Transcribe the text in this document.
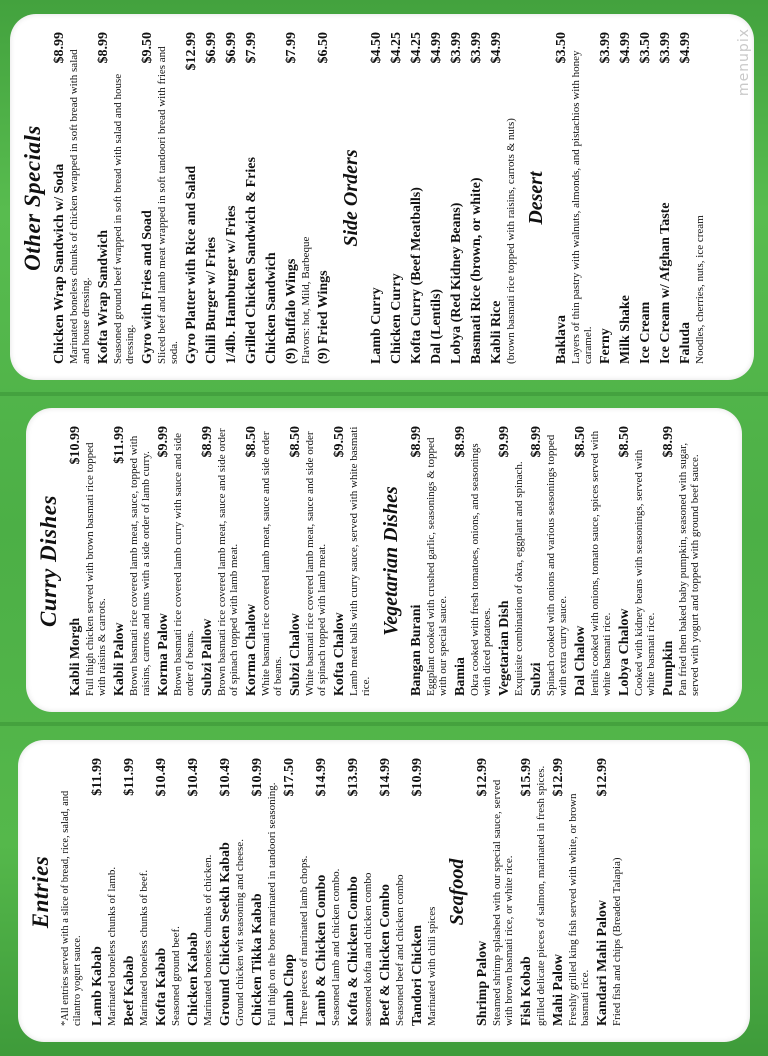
Entries *All entries served with a slice of bread, rice, salad, and cilantro yogurt sauce. Lamb Kabab
$11.99
Marinated boneless chunks of lamb. Beef Kabab
$11.99
Marinated boneless chunks of beef. Kofta Kabab
$10.49
Seasoned ground beef. Chicken Kabab
$10.49
Marinated boneless chunks of chicken. Ground Chicken Seekh Kabab
$10.49
Ground chicken wit seasoning and cheese. Chicken Tikka Kabab
$10.99
Full thigh on the bone marinated in tandoori seasoning. Lamb Chop
$17.50
Three pieces of marinated lamb chops. Lamb & Chicken Combo
$14.99
Seasoned lamb and chicken combo. Kofta & Chicken Combo
$13.99
seasoned kofta and chicken combo Beef & Chicken Combo
$14.99
Seasoned beef and chicken combo Tandori Chicken
$10.99
Marinated with chili spices
Seafood
Shrimp Palow
$12.99
Steamed shrimp splashed with our special sauce, served with brown basmati rice, or white rice. Fish Kobab
$15.99 grilled delicate pieces of salmon, marinated in fresh spices. Mahi Palow
$12.99
Freshly grilled king fish served with white, or brown basmati rice. Kandari Mahi Palow
$12.99
Fried fish and chips (Breaded Talapia)
Curry Dishes
Kabli Morgh
$10.99 Full thigh chicken served with brown basmati rice topped with raisins & carrots. Kabli Palow
$11.99 Brown basmati rice covered lamb meat, sauce, topped with raisins, carrots and nuts with a side order of lamb curry. Korma Palow
$9.99 Brown basmati rice covered lamb curry with sauce and side order of beans. Subzi Pallow
$8.99 Brown basmati rice covered lamb meat, sauce and side order of spinach topped with lamb meat. Korma Chalow
$8.50 White basmati rice covered lamb meat, sauce and side order of beans. Subzi Chalow
$8.50 White basmati rice covered lamb meat, sauce and side order of spinach topped with lamb meat. Kofta Chalow
$9.50 Lamb meat balls with curry sauce, served with white basmati rice.
Vegetarian Dishes
Bangan Burani
$8.99 Eggplant cooked with crushed garlic, seasonings & topped with our special sauce. Bamia
$8.99
Okra cooked with fresh tomatoes, onions, and seasonings with diced potatoes. Vegetarian Dish
$9.99
Exquisite combination of okra, eggplant and spinach. Subzi
$8.99 Spinach cooked with onions and various seasonings topped with extra curry sauce. Dal Chalow
$8.50 lentils cooked with onions, tomato sauce, spices served with white basmati rice. Lobya Chalow
$8.50
Cooked with kidney beans with seasonings, served with white basmati rice. Pumpkin
$8.99
Pan fried then baked baby pumpkin, seasoned with sugar, served with yogurt and topped with ground beef sauce.
Other Specials Chicken Wrap Sandwich w/ Soda
$8.99
Marinated boneless chunks of chicken wrapped in soft bread with salad and house dressing. Kofta Wrap Sandwich
$8.99
Seasoned ground beef wrapped in soft bread with salad and house dressing. Gyro with Fries and Soad
$9.50 Sliced beef and lamb meat wrapped in soft tandoori bread with fries and soda. Gyro Platter with Rice and Salad
$12.99
Chili Burger w/ Fries
$6.99
1/4lb. Hamburger w/ Fries
$6.99
Grilled Chicken Sandwich & Fries
$7.99
Chicken Sandwich (9) Buffalo Wings
$7.99
Flavors: hot, Mild, Barbeque (9) Fried Wings
$6.50
Side Orders
Lamb Curry
$4.50
Chicken Curry
$4.25
Kofta Curry (Beef Meatballs)
$4.25
Dal (Lentils)
$4.99
Lobya (Red Kidney Beans)
$3.99
Basmati Rice (brown, or white)
$3.99
Kabli Rice
$4.99
(brown basmati rice topped with raisins, carrots & nuts) Desert
Baklava
$3.50
Layers of thin pastry with walnuts, almonds, and pistachios with honey caramel. Ferny
$3.99
Milk Shake
$4.99
Ice Cream
$3.50
Ice Cream w/ Afghan Taste
$3.99
Faluda
$4.99
Noodles, cherries, nuts, ice cream
menupix
